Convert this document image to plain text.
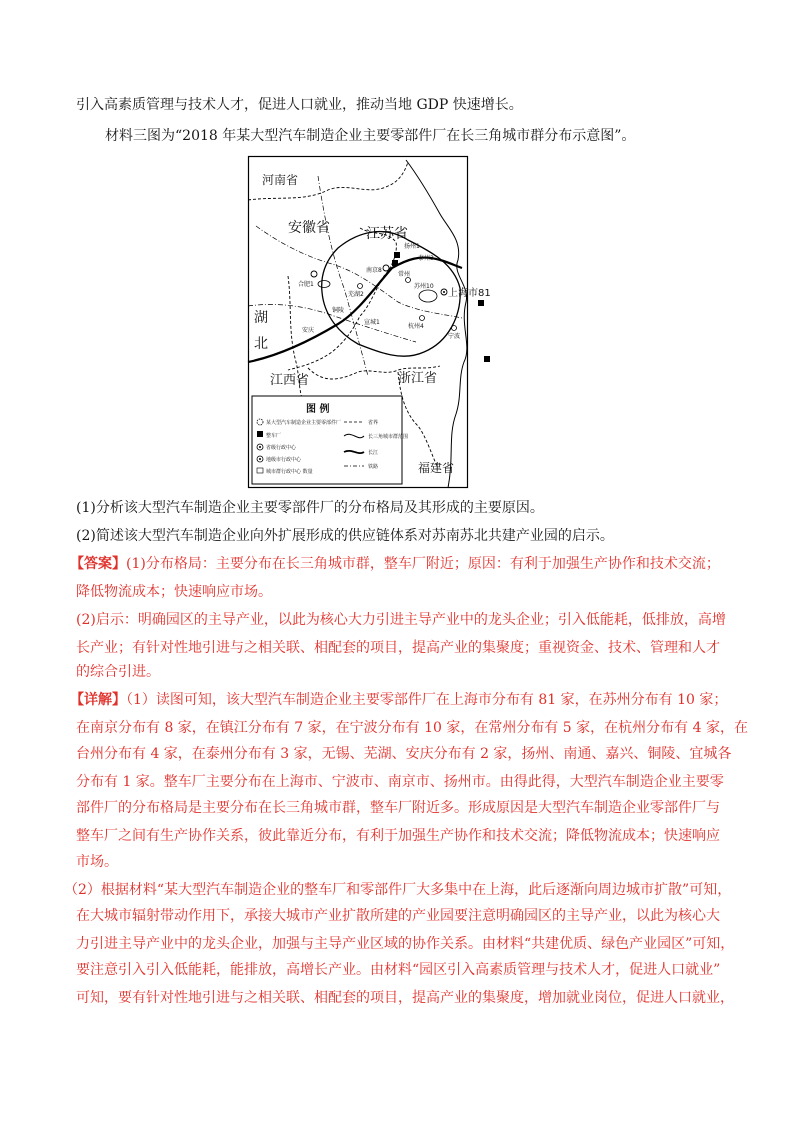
引入高素质管理与技术人才，促进人口就业，推动当地 GDP 快速增长。
材料三图为“2018 年某大型汽车制造企业主要零部件厂在长三角城市群分布示意图”。
河南省
安徽省	江苏省
湖
北
江西省	浙江省
福建省
上海市81
南京8
苏州10
合肥1
芜湖2
宣城1
杭州4
宁波
常州
泰州3
扬州1
安庆
铜陵
图 例
某大型汽车制造企业主要零部件厂
整车厂
省级行政中心
地级市行政中心
城市群行政中心 数量
省界
长三角城市群范围
长江
铁路
(1)分析该大型汽车制造企业主要零部件厂的分布格局及其形成的主要原因。
(2)简述该大型汽车制造企业向外扩展形成的供应链体系对苏南苏北共建产业园的启示。
【答案】(1)分布格局：主要分布在长三角城市群，整车厂附近；原因：有利于加强生产协作和技术交流；
降低物流成本；快速响应市场。
(2)启示：明确园区的主导产业，以此为核心大力引进主导产业中的龙头企业；引入低能耗，低排放，高增
长产业；有针对性地引进与之相关联、相配套的项目，提高产业的集聚度；重视资金、技术、管理和人才
的综合引进。
【详解】（1）读图可知，该大型汽车制造企业主要零部件厂在上海市分布有 81 家，在苏州分布有 10 家；
在南京分布有 8 家，在镇江分布有 7 家，在宁波分布有 10 家，在常州分布有 5 家，在杭州分布有 4 家，在
台州分布有 4 家，在泰州分布有 3 家，无锡、芜湖、安庆分布有 2 家，扬州、南通、嘉兴、铜陵、宜城各
分布有 1 家。整车厂主要分布在上海市、宁波市、南京市、扬州市。由得此得，大型汽车制造企业主要零
部件厂的分布格局是主要分布在长三角城市群，整车厂附近多。形成原因是大型汽车制造企业零部件厂与
整车厂之间有生产协作关系，彼此靠近分布，有利于加强生产协作和技术交流；降低物流成本；快速响应
市场。
（2）根据材料“某大型汽车制造企业的整车厂和零部件厂大多集中在上海，此后逐渐向周边城市扩散”可知，
在大城市辐射带动作用下，承接大城市产业扩散所建的产业园要注意明确园区的主导产业，以此为核心大
力引进主导产业中的龙头企业，加强与主导产业区域的协作关系。由材料“共建优质、绿色产业园区”可知，
要注意引入引入低能耗，能排放，高增长产业。由材料“园区引入高素质管理与技术人才，促进人口就业”
可知，要有针对性地引进与之相关联、相配套的项目，提高产业的集聚度，增加就业岗位，促进人口就业，
